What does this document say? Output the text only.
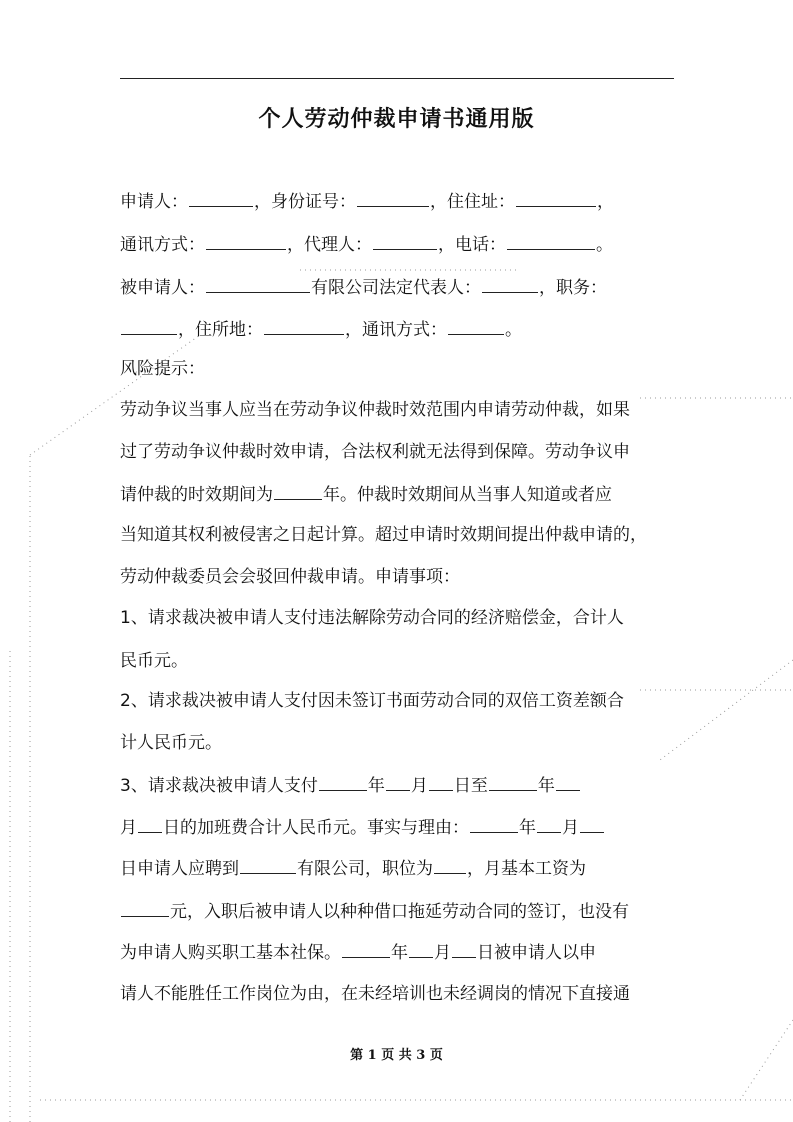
个人劳动仲裁申请书通用版
申请人：	，身份证号：	，住住址：	，
通讯方式：	，代理人：	，电话：	。
被申请人：	有限公司法定代表人：	，职务：
，住所地：	，通讯方式：	。
风险提示：
劳动争议当事人应当在劳动争议仲裁时效范围内申请劳动仲裁，如果
过了劳动争议仲裁时效申请，合法权利就无法得到保障。劳动争议申
请仲裁的时效期间为	年。仲裁时效期间从当事人知道或者应
当知道其权利被侵害之日起计算。超过申请时效期间提出仲裁申请的，
劳动仲裁委员会会驳回仲裁申请。申请事项：
1、请求裁决被申请人支付违法解除劳动合同的经济赔偿金，合计人
民币元。
2、请求裁决被申请人支付因未签订书面劳动合同的双倍工资差额合
计人民币元。
3、请求裁决被申请人支付	年 月 日至	年
月 日的加班费合计人民币元。事实与理由：	年 月
日申请人应聘到	有限公司，职位为 ，月基本工资为
元，入职后被申请人以种种借口拖延劳动合同的签订，也没有
为申请人购买职工基本社保。	年 月 日被申请人以申
请人不能胜任工作岗位为由，在未经培训也未经调岗的情况下直接通
第 1 页 共 3 页
